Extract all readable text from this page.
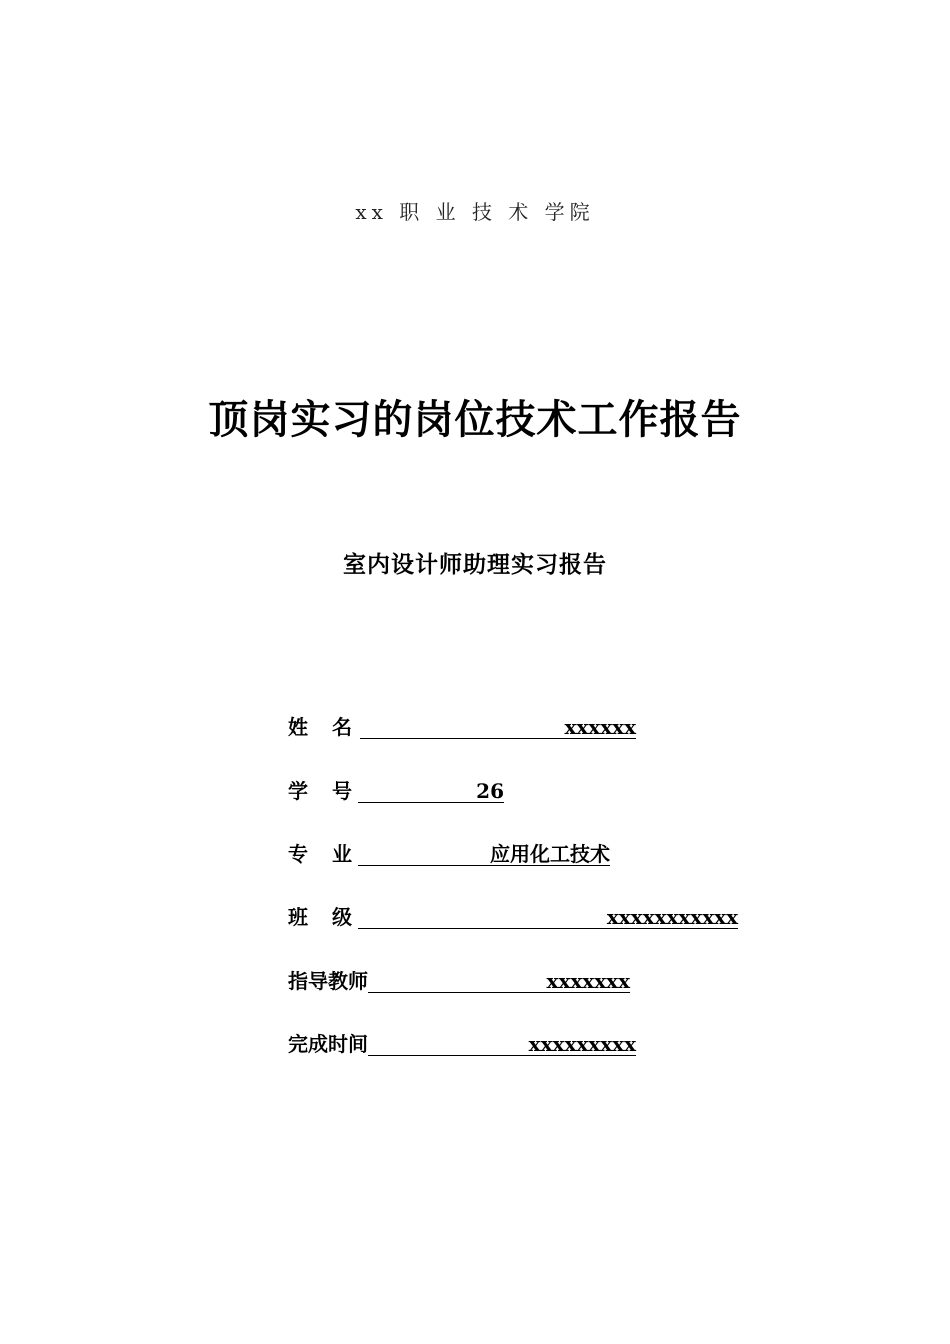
xx 职 业 技 术 学院
顶岗实习的岗位技术工作报告
室内设计师助理实习报告
姓 名	xxxxxx
学 号	26
专 业	应用化工技术
班 级	xxxxxxxxxxx
指导教师	xxxxxxx
完成时间	xxxxxxxxx
